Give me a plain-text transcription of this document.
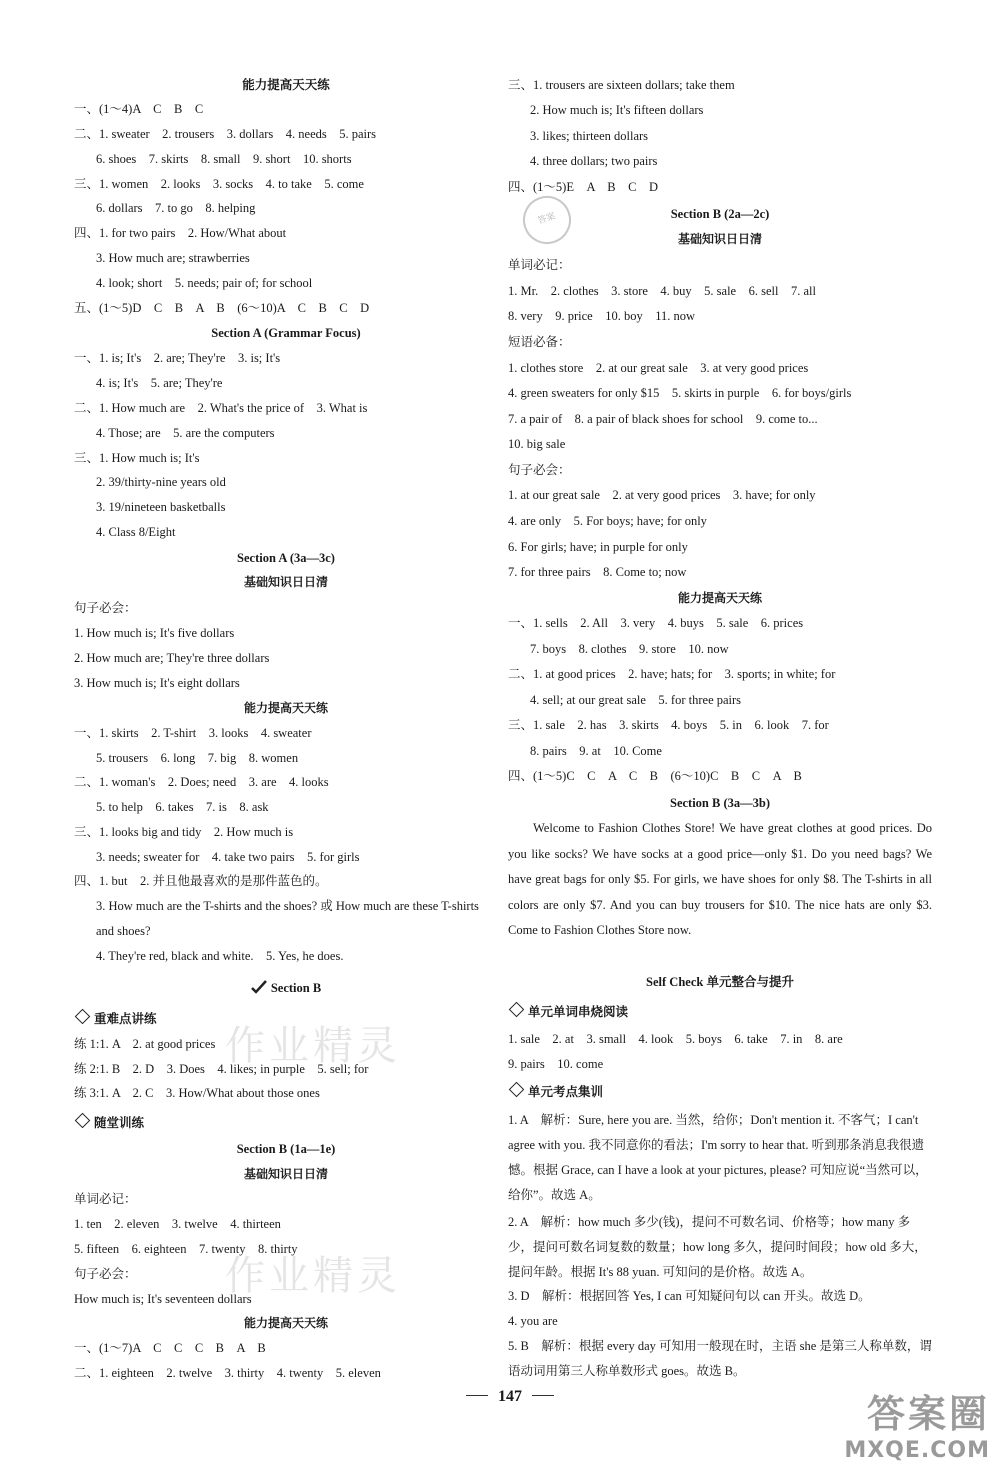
能力提高天天练
一、(1～4)A　C　B　C
二、1. sweater　2. trousers　3. dollars　4. needs　5. pairs
6. shoes　7. skirts　8. small　9. short　10. shorts
三、1. women　2. looks　3. socks　4. to take　5. come
6. dollars　7. to go　8. helping
四、1. for two pairs　2. How/What about
3. How much are; strawberries
4. look; short　5. needs; pair of; for school
五、(1～5)D　C　B　A　B　(6～10)A　C　B　C　D
Section A (Grammar Focus)
一、1. is; It's　2. are; They're　3. is; It's
4. is; It's　5. are; They're
二、1. How much are　2. What's the price of　3. What is
4. Those; are　5. are the computers
三、1. How much is; It's
2. 39/thirty-nine years old
3. 19/nineteen basketballs
4. Class 8/Eight
Section A (3a—3c)
基础知识日日清
句子必会：
1. How much is; It's five dollars
2. How much are; They're three dollars
3. How much is; It's eight dollars
能力提高天天练
一、1. skirts　2. T-shirt　3. looks　4. sweater
5. trousers　6. long　7. big　8. women
二、1. woman's　2. Does; need　3. are　4. looks
5. to help　6. takes　7. is　8. ask
三、1. looks big and tidy　2. How much is
3. needs; sweater for　4. take two pairs　5. for girls
四、1. but　2. 并且他最喜欢的是那件蓝色的。
3. How much are the T-shirts and the shoes? 或 How much are these T-shirts and shoes?
4. They're red, black and white.　5. Yes, he does.
Section B
重难点讲练
练 1:1. A　2. at good prices
练 2:1. B　2. D　3. Does　4. likes; in purple　5. sell; for
练 3:1. A　2. C　3. How/What about those ones
随堂训练
Section B (1a—1e)
基础知识日日清
单词必记：
1. ten　2. eleven　3. twelve　4. thirteen
5. fifteen　6. eighteen　7. twenty　8. thirty
句子必会：
How much is; It's seventeen dollars
能力提高天天练
一、(1～7)A　C　C　C　B　A　B
二、1. eighteen　2. twelve　3. thirty　4. twenty　5. eleven
三、1. trousers are sixteen dollars; take them
2. How much is; It's fifteen dollars
3. likes; thirteen dollars
4. three dollars; two pairs
四、(1～5)E　A　B　C　D
Section B (2a—2c)
基础知识日日清
单词必记：
1. Mr.　2. clothes　3. store　4. buy　5. sale　6. sell　7. all
8. very　9. price　10. boy　11. now
短语必备：
1. clothes store　2. at our great sale　3. at very good prices
4. green sweaters for only $15　5. skirts in purple　6. for boys/girls
7. a pair of　8. a pair of black shoes for school　9. come to...
10. big sale
句子必会：
1. at our great sale　2. at very good prices　3. have; for only
4. are only　5. For boys; have; for only
6. For girls; have; in purple for only
7. for three pairs　8. Come to; now
能力提高天天练
一、1. sells　2. All　3. very　4. buys　5. sale　6. prices
7. boys　8. clothes　9. store　10. now
二、1. at good prices　2. have; hats; for　3. sports; in white; for
4. sell; at our great sale　5. for three pairs
三、1. sale　2. has　3. skirts　4. boys　5. in　6. look　7. for
8. pairs　9. at　10. Come
四、(1～5)C　C　A　C　B　(6～10)C　B　C　A　B
Section B (3a—3b)
Welcome to Fashion Clothes Store! We have great clothes at good prices. Do you like socks? We have socks at a good price—only $1. Do you need bags? We have great bags for only $5. For girls, we have shoes for only $8. The T-shirts in all colors are only $7. And you can buy trousers for $10. The nice hats are only $3. Come to Fashion Clothes Store now.
Self Check 单元整合与提升
单元单词串烧阅读
1. sale　2. at　3. small　4. look　5. boys　6. take　7. in　8. are
9. pairs　10. come
单元考点集训
1. A　解析：Sure, here you are. 当然，给你；Don't mention it. 不客气；I can't agree with you. 我不同意你的看法；I'm sorry to hear that. 听到那条消息我很遗憾。根据 Grace, can I have a look at your pictures, please? 可知应说“当然可以，给你”。故选 A。
2. A　解析：how much 多少(钱)，提问不可数名词、价格等；how many 多少，提问可数名词复数的数量；how long 多久，提问时间段；how old 多大，提问年龄。根据 It's 88 yuan. 可知问的是价格。故选 A。
3. D　解析：根据回答 Yes, I can 可知疑问句以 can 开头。故选 D。
4. you are
5. B　解析：根据 every day 可知用一般现在时，主语 she 是第三人称单数，谓语动词用第三人称单数形式 goes。故选 B。
答案
作业精灵
作业精灵
147	答案圈
MXQE.COM
